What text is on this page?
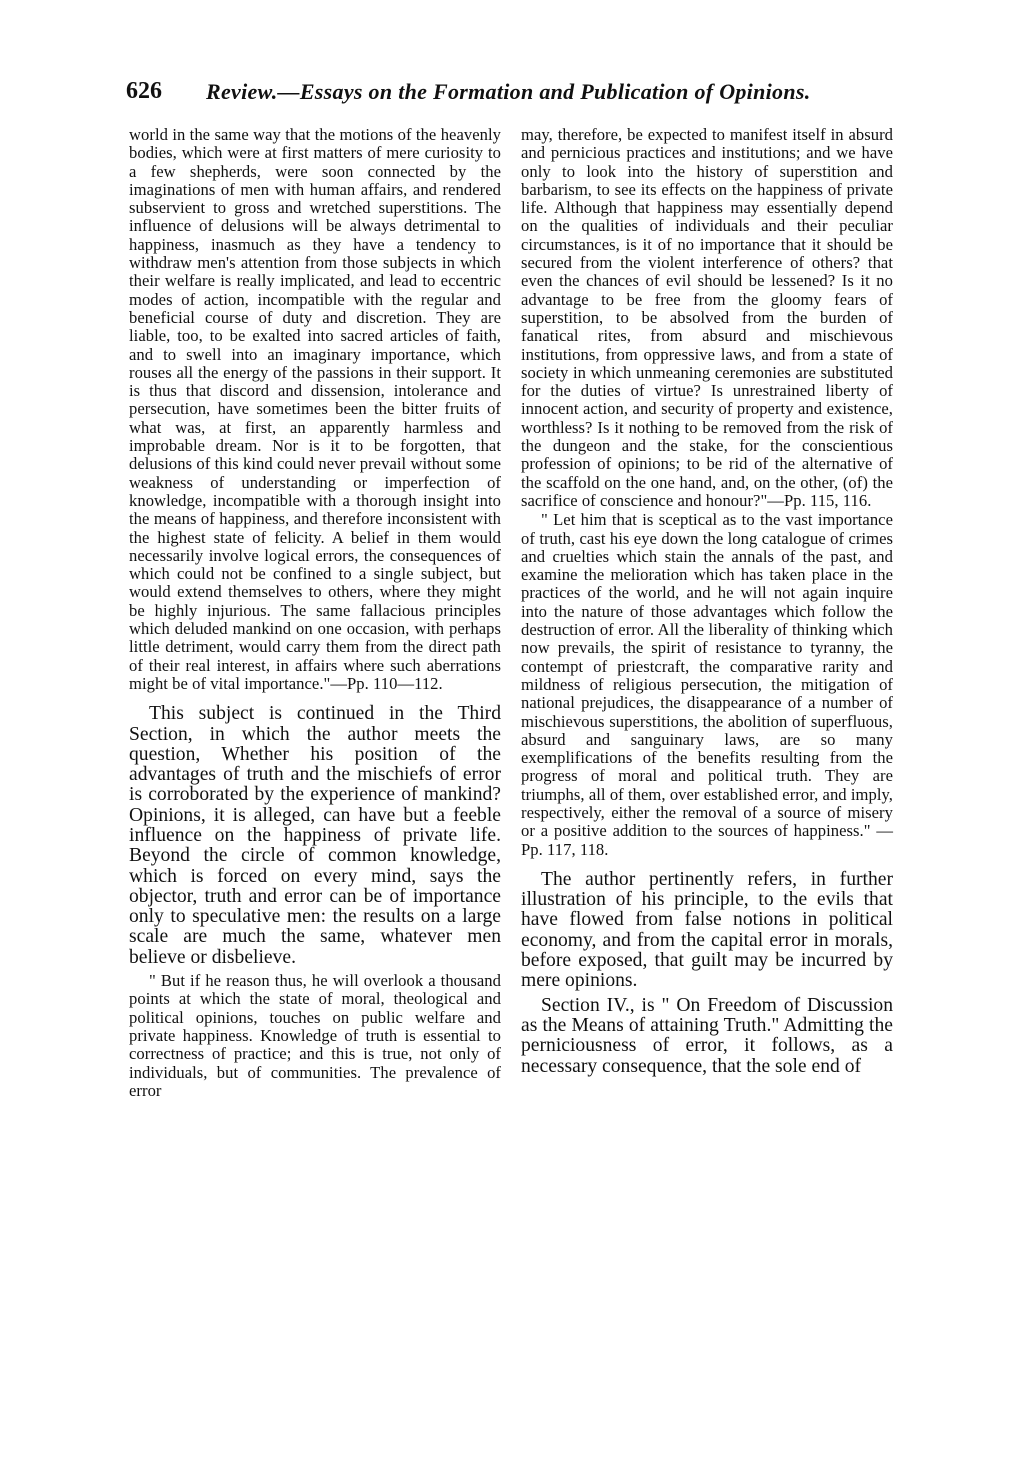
626 Review.—Essays on the Formation and Publication of Opinions.

world in the same way that the motions of the heavenly bodies, which were at first matters of mere curiosity to a few shepherds, were soon connected by the imaginations of men with human affairs, and rendered subservient to gross and wretched superstitions. The influence of delusions will be always detrimental to happiness, inasmuch as they have a tendency to withdraw men's attention from those subjects in which their welfare is really implicated, and lead to eccentric modes of action, incompatible with the regular and beneficial course of duty and discretion. They are liable, too, to be exalted into sacred articles of faith, and to swell into an imaginary importance, which rouses all the energy of the passions in their support. It is thus that discord and dissension, intolerance and persecution, have sometimes been the bitter fruits of what was, at first, an apparently harmless and improbable dream. Nor is it to be forgotten, that delusions of this kind could never prevail without some weakness of understanding or imperfection of knowledge, incompatible with a thorough insight into the means of happiness, and therefore inconsistent with the highest state of felicity. A belief in them would necessarily involve logical errors, the consequences of which could not be confined to a single subject, but would extend themselves to others, where they might be highly injurious. The same fallacious principles which deluded mankind on one occasion, with perhaps little detriment, would carry them from the direct path of their real interest, in affairs where such aberrations might be of vital importance."—Pp. 110—112.

This subject is continued in the Third Section, in which the author meets the question, Whether his position of the advantages of truth and the mischiefs of error is corroborated by the experience of mankind? Opinions, it is alleged, can have but a feeble influence on the happiness of private life. Beyond the circle of common knowledge, which is forced on every mind, says the objector, truth and error can be of importance only to speculative men: the results on a large scale are much the same, whatever men believe or disbelieve.

" But if he reason thus, he will overlook a thousand points at which the state of moral, theological and political opinions, touches on public welfare and private happiness. Knowledge of truth is essential to correctness of practice; and this is true, not only of individuals, but of communities. The prevalence of error

may, therefore, be expected to manifest itself in absurd and pernicious practices and institutions; and we have only to look into the history of superstition and barbarism, to see its effects on the happiness of private life. Although that happiness may essentially depend on the qualities of individuals and their peculiar circumstances, is it of no importance that it should be secured from the violent interference of others? that even the chances of evil should be lessened? Is it no advantage to be free from the gloomy fears of superstition, to be absolved from the burden of fanatical rites, from absurd and mischievous institutions, from oppressive laws, and from a state of society in which unmeaning ceremonies are substituted for the duties of virtue? Is unrestrained liberty of innocent action, and security of property and existence, worthless? Is it nothing to be removed from the risk of the dungeon and the stake, for the conscientious profession of opinions; to be rid of the alternative of the scaffold on the one hand, and, on the other, (of) the sacrifice of conscience and honour?"—Pp. 115, 116.

" Let him that is sceptical as to the vast importance of truth, cast his eye down the long catalogue of crimes and cruelties which stain the annals of the past, and examine the melioration which has taken place in the practices of the world, and he will not again inquire into the nature of those advantages which follow the destruction of error. All the liberality of thinking which now prevails, the spirit of resistance to tyranny, the contempt of priestcraft, the comparative rarity and mildness of religious persecution, the mitigation of national prejudices, the disappearance of a number of mischievous superstitions, the abolition of superfluous, absurd and sanguinary laws, are so many exemplifications of the benefits resulting from the progress of moral and political truth. They are triumphs, all of them, over established error, and imply, respectively, either the removal of a source of misery or a positive addition to the sources of happiness." —Pp. 117, 118.

The author pertinently refers, in further illustration of his principle, to the evils that have flowed from false notions in political economy, and from the capital error in morals, before exposed, that guilt may be incurred by mere opinions.

Section IV., is " On Freedom of Discussion as the Means of attaining Truth." Admitting the perniciousness of error, it follows, as a necessary consequence, that the sole end of
